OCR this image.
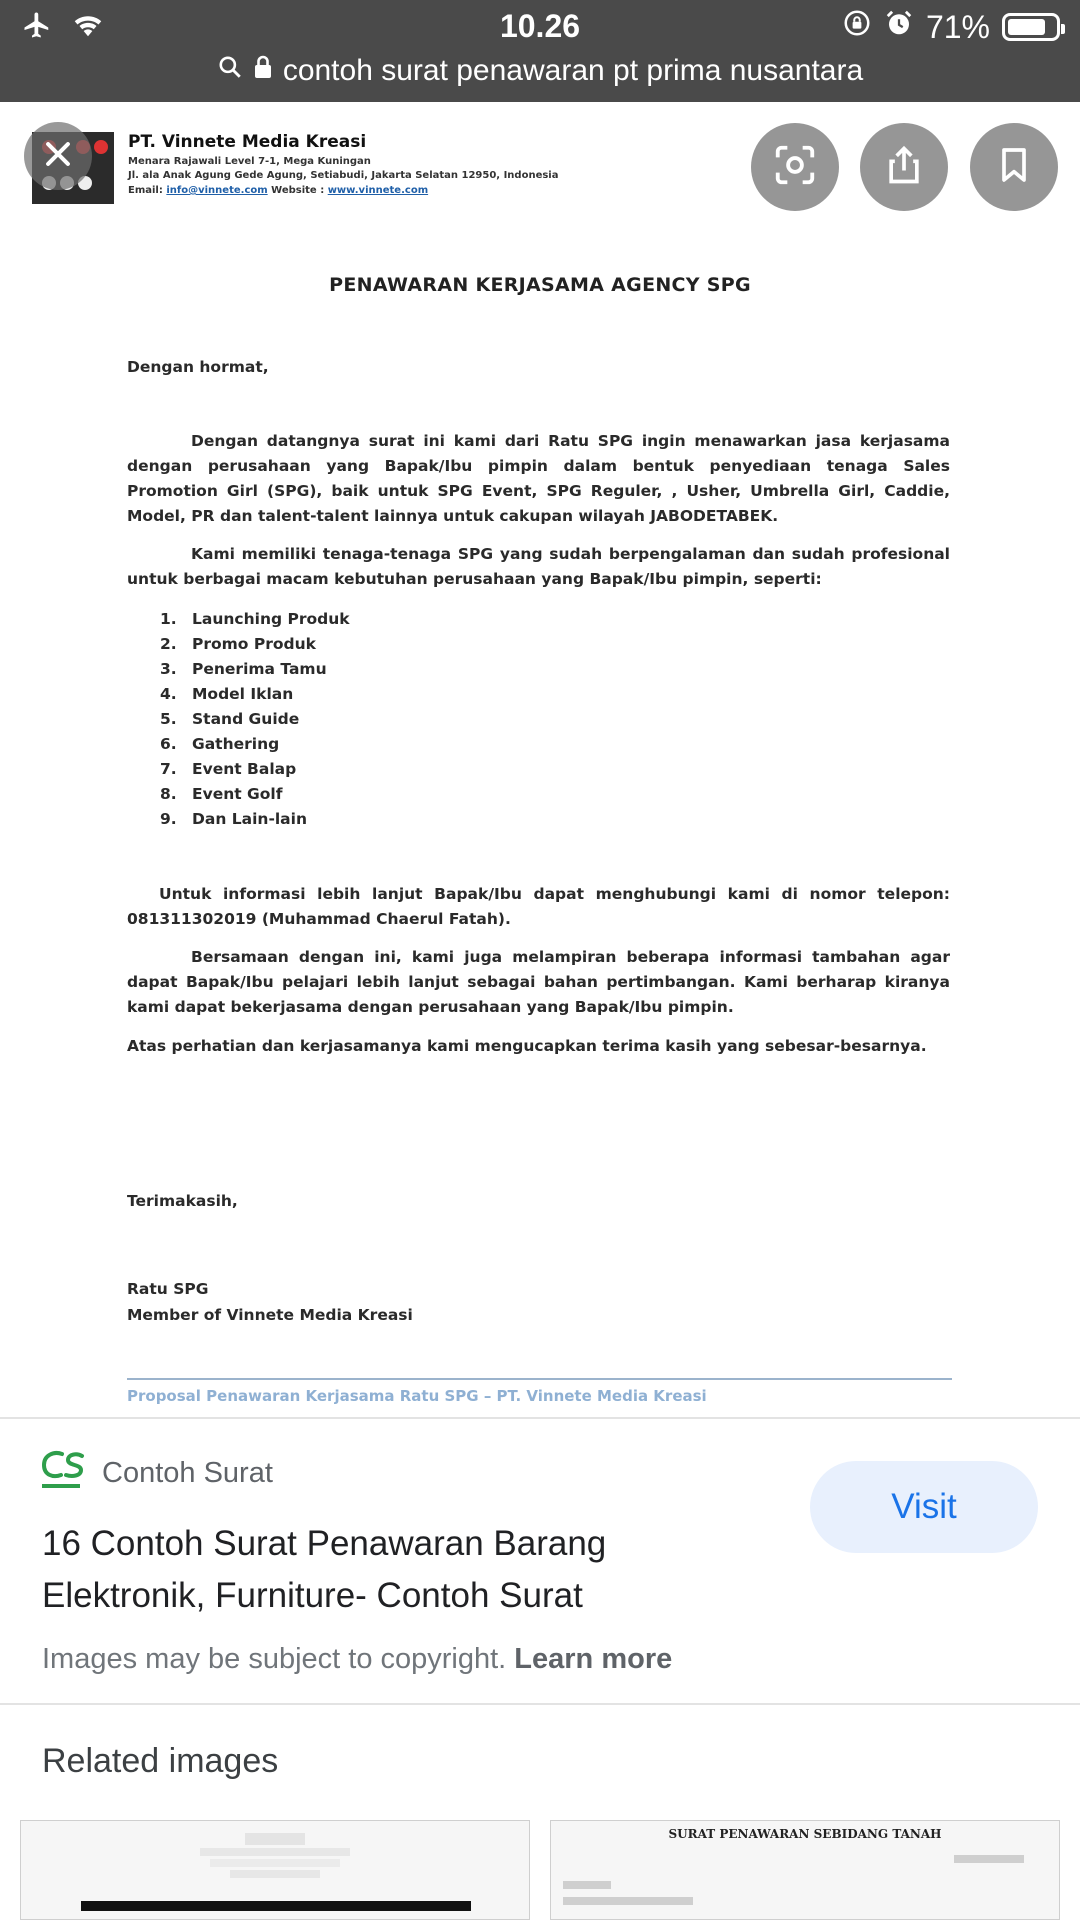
10.26	71%
contoh surat penawaran pt prima nusantara
PT. Vinnete Media Kreasi
Menara Rajawali Level 7-1, Mega Kuningan
Jl. ala Anak Agung Gede Agung, Setiabudi, Jakarta Selatan 12950, Indonesia
Email: info@vinnete.com Website : www.vinnete.com
PENAWARAN KERJASAMA AGENCY SPG
Dengan hormat,
Dengan datangnya surat ini kami dari Ratu SPG ingin menawarkan jasa kerjasama dengan perusahaan yang Bapak/Ibu pimpin dalam bentuk penyediaan tenaga Sales Promotion Girl (SPG), baik untuk SPG Event, SPG Reguler, , Usher, Umbrella Girl, Caddie, Model, PR dan talent-talent lainnya untuk cakupan wilayah JABODETABEK.
Kami memiliki tenaga-tenaga SPG yang sudah berpengalaman dan sudah profesional untuk berbagai macam kebutuhan perusahaan yang Bapak/Ibu pimpin, seperti:
1. Launching Produk
2. Promo Produk
3. Penerima Tamu
4. Model Iklan
5. Stand Guide
6. Gathering
7. Event Balap
8. Event Golf
9. Dan Lain-lain
Untuk informasi lebih lanjut Bapak/Ibu dapat menghubungi kami di nomor telepon: 081311302019 (Muhammad Chaerul Fatah).
Bersamaan dengan ini, kami juga melampiran beberapa informasi tambahan agar dapat Bapak/Ibu pelajari lebih lanjut sebagai bahan pertimbangan. Kami berharap kiranya kami dapat bekerjasama dengan perusahaan yang Bapak/Ibu pimpin.
Atas perhatian dan kerjasamanya kami mengucapkan terima kasih yang sebesar-besarnya.
Terimakasih,
Ratu SPG
Member of Vinnete Media Kreasi
Proposal Penawaran Kerjasama Ratu SPG – PT. Vinnete Media Kreasi
Contoh Surat
16 Contoh Surat Penawaran Barang Elektronik, Furniture- Contoh Surat
Visit
Images may be subject to copyright. Learn more
Related images
SURAT PENAWARAN SEBIDANG TANAH
